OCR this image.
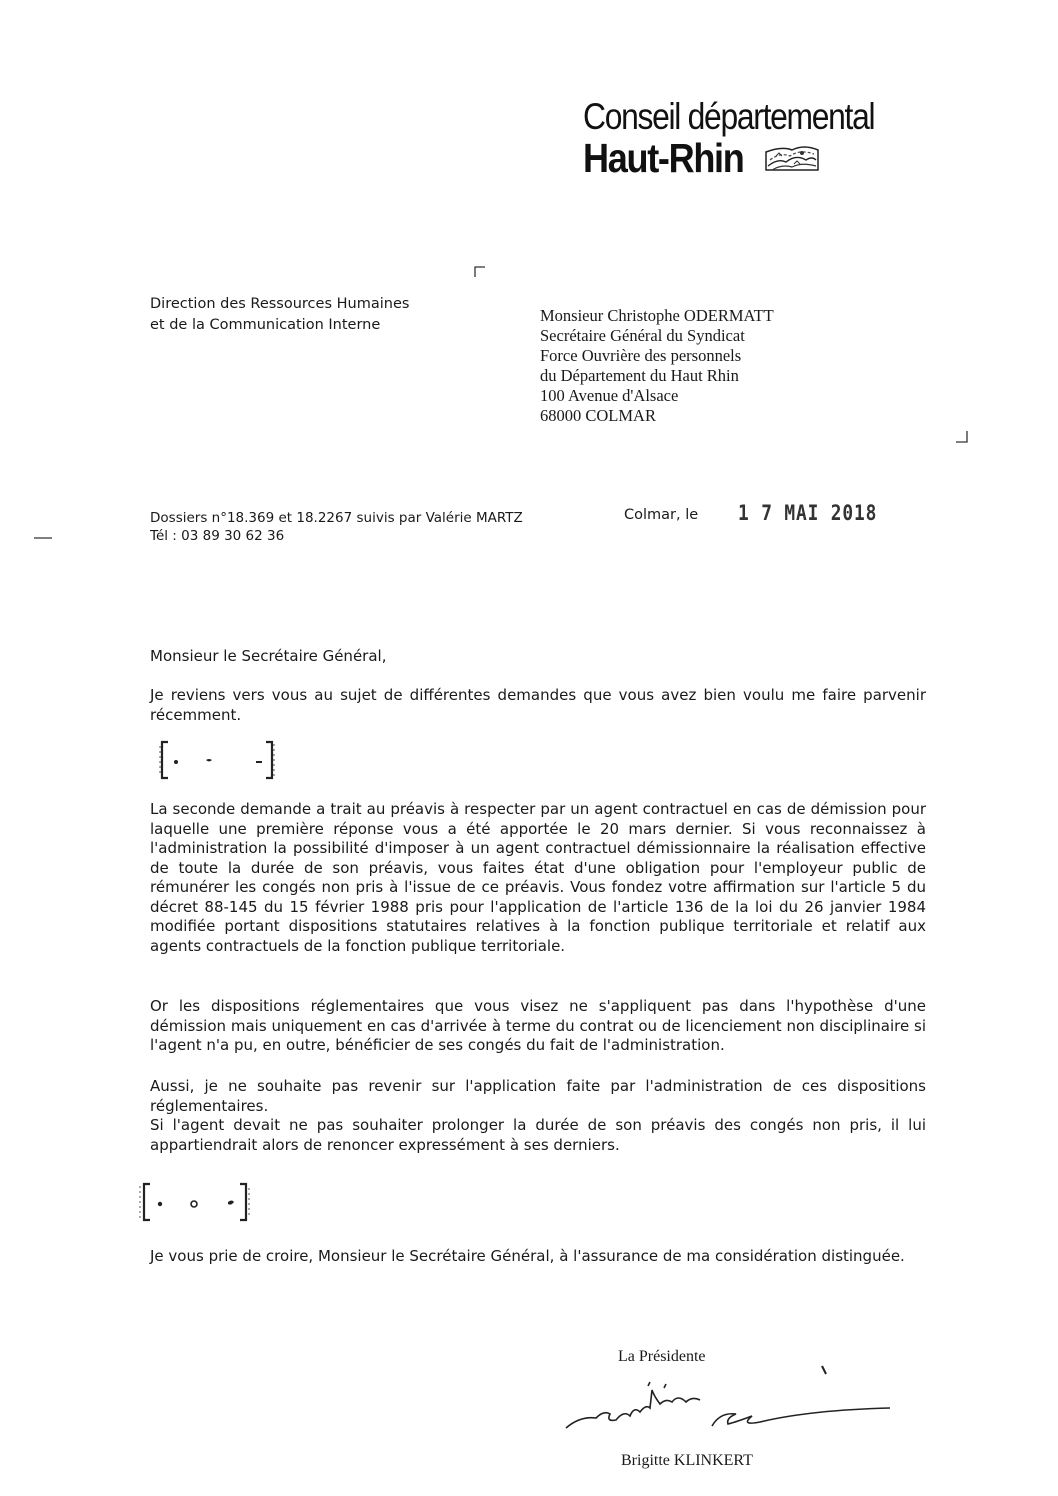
Conseil départemental
Haut-Rhin
Direction des Ressources Humaines
et de la Communication Interne	Monsieur Christophe ODERMATT
Secrétaire Général du Syndicat
Force Ouvrière des personnels
du Département du Haut Rhin
100 Avenue d'Alsace
68000 COLMAR
Dossiers n°18.369 et 18.2267 suivis par Valérie MARTZ
Tél : 03 89 30 62 36
Colmar, le 1 7 MAI 2018
Monsieur le Secrétaire Général,
Je reviens vers vous au sujet de différentes demandes que vous avez bien voulu me faire parvenir récemment.
La seconde demande a trait au préavis à respecter par un agent contractuel en cas de démission pour laquelle une première réponse vous a été apportée le 20 mars dernier. Si vous reconnaissez à l'administration la possibilité d'imposer à un agent contractuel démissionnaire la réalisation effective de toute la durée de son préavis, vous faites état d'une obligation pour l'employeur public de rémunérer les congés non pris à l'issue de ce préavis. Vous fondez votre affirmation sur l'article 5 du décret 88-145 du 15 février 1988 pris pour l'application de l'article 136 de la loi du 26 janvier 1984 modifiée portant dispositions statutaires relatives à la fonction publique territoriale et relatif aux agents contractuels de la fonction publique territoriale.
Or les dispositions réglementaires que vous visez ne s'appliquent pas dans l'hypothèse d'une démission mais uniquement en cas d'arrivée à terme du contrat ou de licenciement non disciplinaire si l'agent n'a pu, en outre, bénéficier de ses congés du fait de l'administration.
Aussi, je ne souhaite pas revenir sur l'application faite par l'administration de ces dispositions réglementaires.
Si l'agent devait ne pas souhaiter prolonger la durée de son préavis des congés non pris, il lui appartiendrait alors de renoncer expressément à ses derniers.
Je vous prie de croire, Monsieur le Secrétaire Général, à l'assurance de ma considération distinguée.
La Présidente
Brigitte KLINKERT
